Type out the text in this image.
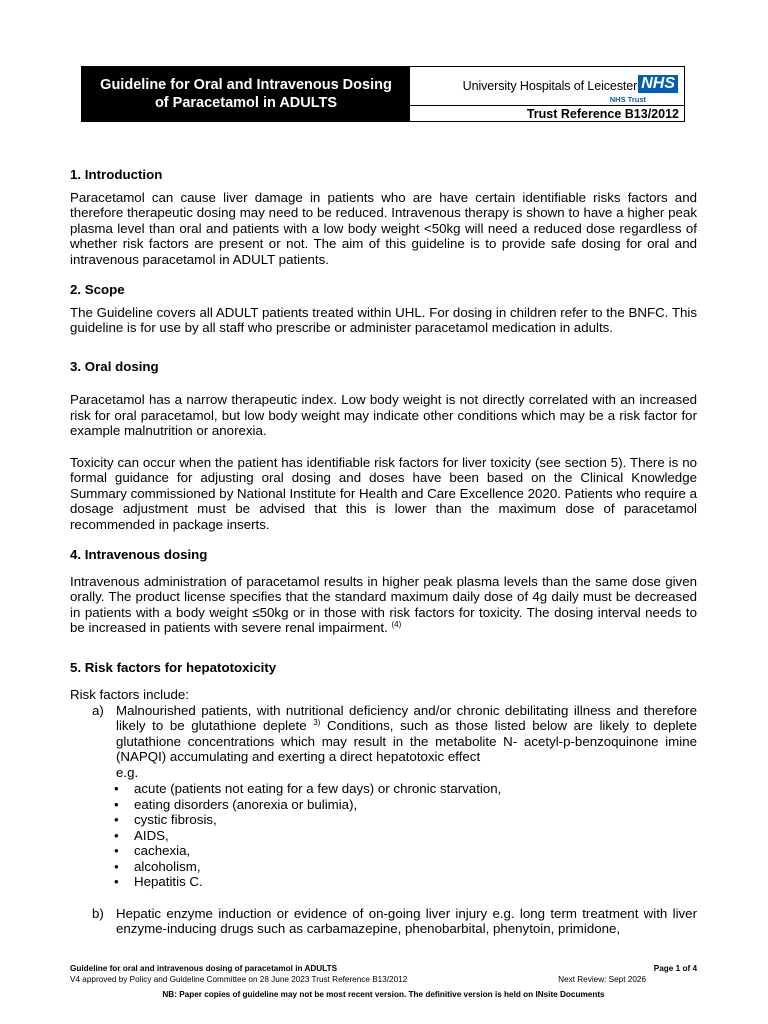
Guideline for Oral and Intravenous Dosing
of Paracetamol in ADULTS
University Hospitals of Leicester NHS
NHS Trust
Trust Reference B13/2012
1. Introduction

Paracetamol can cause liver damage in patients who are have certain identifiable risks factors and therefore therapeutic dosing may need to be reduced. Intravenous therapy is shown to have a higher peak plasma level than oral and patients with a low body weight <50kg will need a reduced dose regardless of whether risk factors are present or not. The aim of this guideline is to provide safe dosing for oral and intravenous paracetamol in ADULT patients.

2. Scope

The Guideline covers all ADULT patients treated within UHL. For dosing in children refer to the BNFC. This guideline is for use by all staff who prescribe or administer paracetamol medication in adults.

3. Oral dosing

Paracetamol has a narrow therapeutic index. Low body weight is not directly correlated with an increased risk for oral paracetamol, but low body weight may indicate other conditions which may be a risk factor for example malnutrition or anorexia.

Toxicity can occur when the patient has identifiable risk factors for liver toxicity (see section 5). There is no formal guidance for adjusting oral dosing and doses have been based on the Clinical Knowledge Summary commissioned by National Institute for Health and Care Excellence 2020. Patients who require a dosage adjustment must be advised that this is lower than the maximum dose of paracetamol recommended in package inserts.

4. Intravenous dosing

Intravenous administration of paracetamol results in higher peak plasma levels than the same dose given orally. The product license specifies that the standard maximum daily dose of 4g daily must be decreased in patients with a body weight ≤50kg or in those with risk factors for toxicity. The dosing interval needs to be increased in patients with severe renal impairment. $^{(4)}$

5. Risk factors for hepatotoxicity

Risk factors include:

a) Malnourished patients, with nutritional deficiency and/or chronic debilitating illness and therefore likely to be glutathione deplete $^{3)}$ Conditions, such as those listed below are likely to deplete glutathione concentrations which may result in the metabolite N- acetyl-p-benzoquinone imine (NAPQI) accumulating and exerting a direct hepatotoxic effect
e.g.
• acute (patients not eating for a few days) or chronic starvation,
• eating disorders (anorexia or bulimia),
• cystic fibrosis,
• AIDS,
• cachexia,
• alcoholism,
• Hepatitis C.
b) Hepatic enzyme induction or evidence of on-going liver injury e.g. long term treatment with liver enzyme-inducing drugs such as carbamazepine, phenobarbital, phenytoin, primidone,
Guideline for oral and intravenous dosing of paracetamol in ADULTS	Page 1 of 4
V4 approved by Policy and Guideline Committee on 28 June 2023 Trust Reference B13/2012	Next Review: Sept 2026
NB: Paper copies of guideline may not be most recent version. The definitive version is held on INsite Documents
